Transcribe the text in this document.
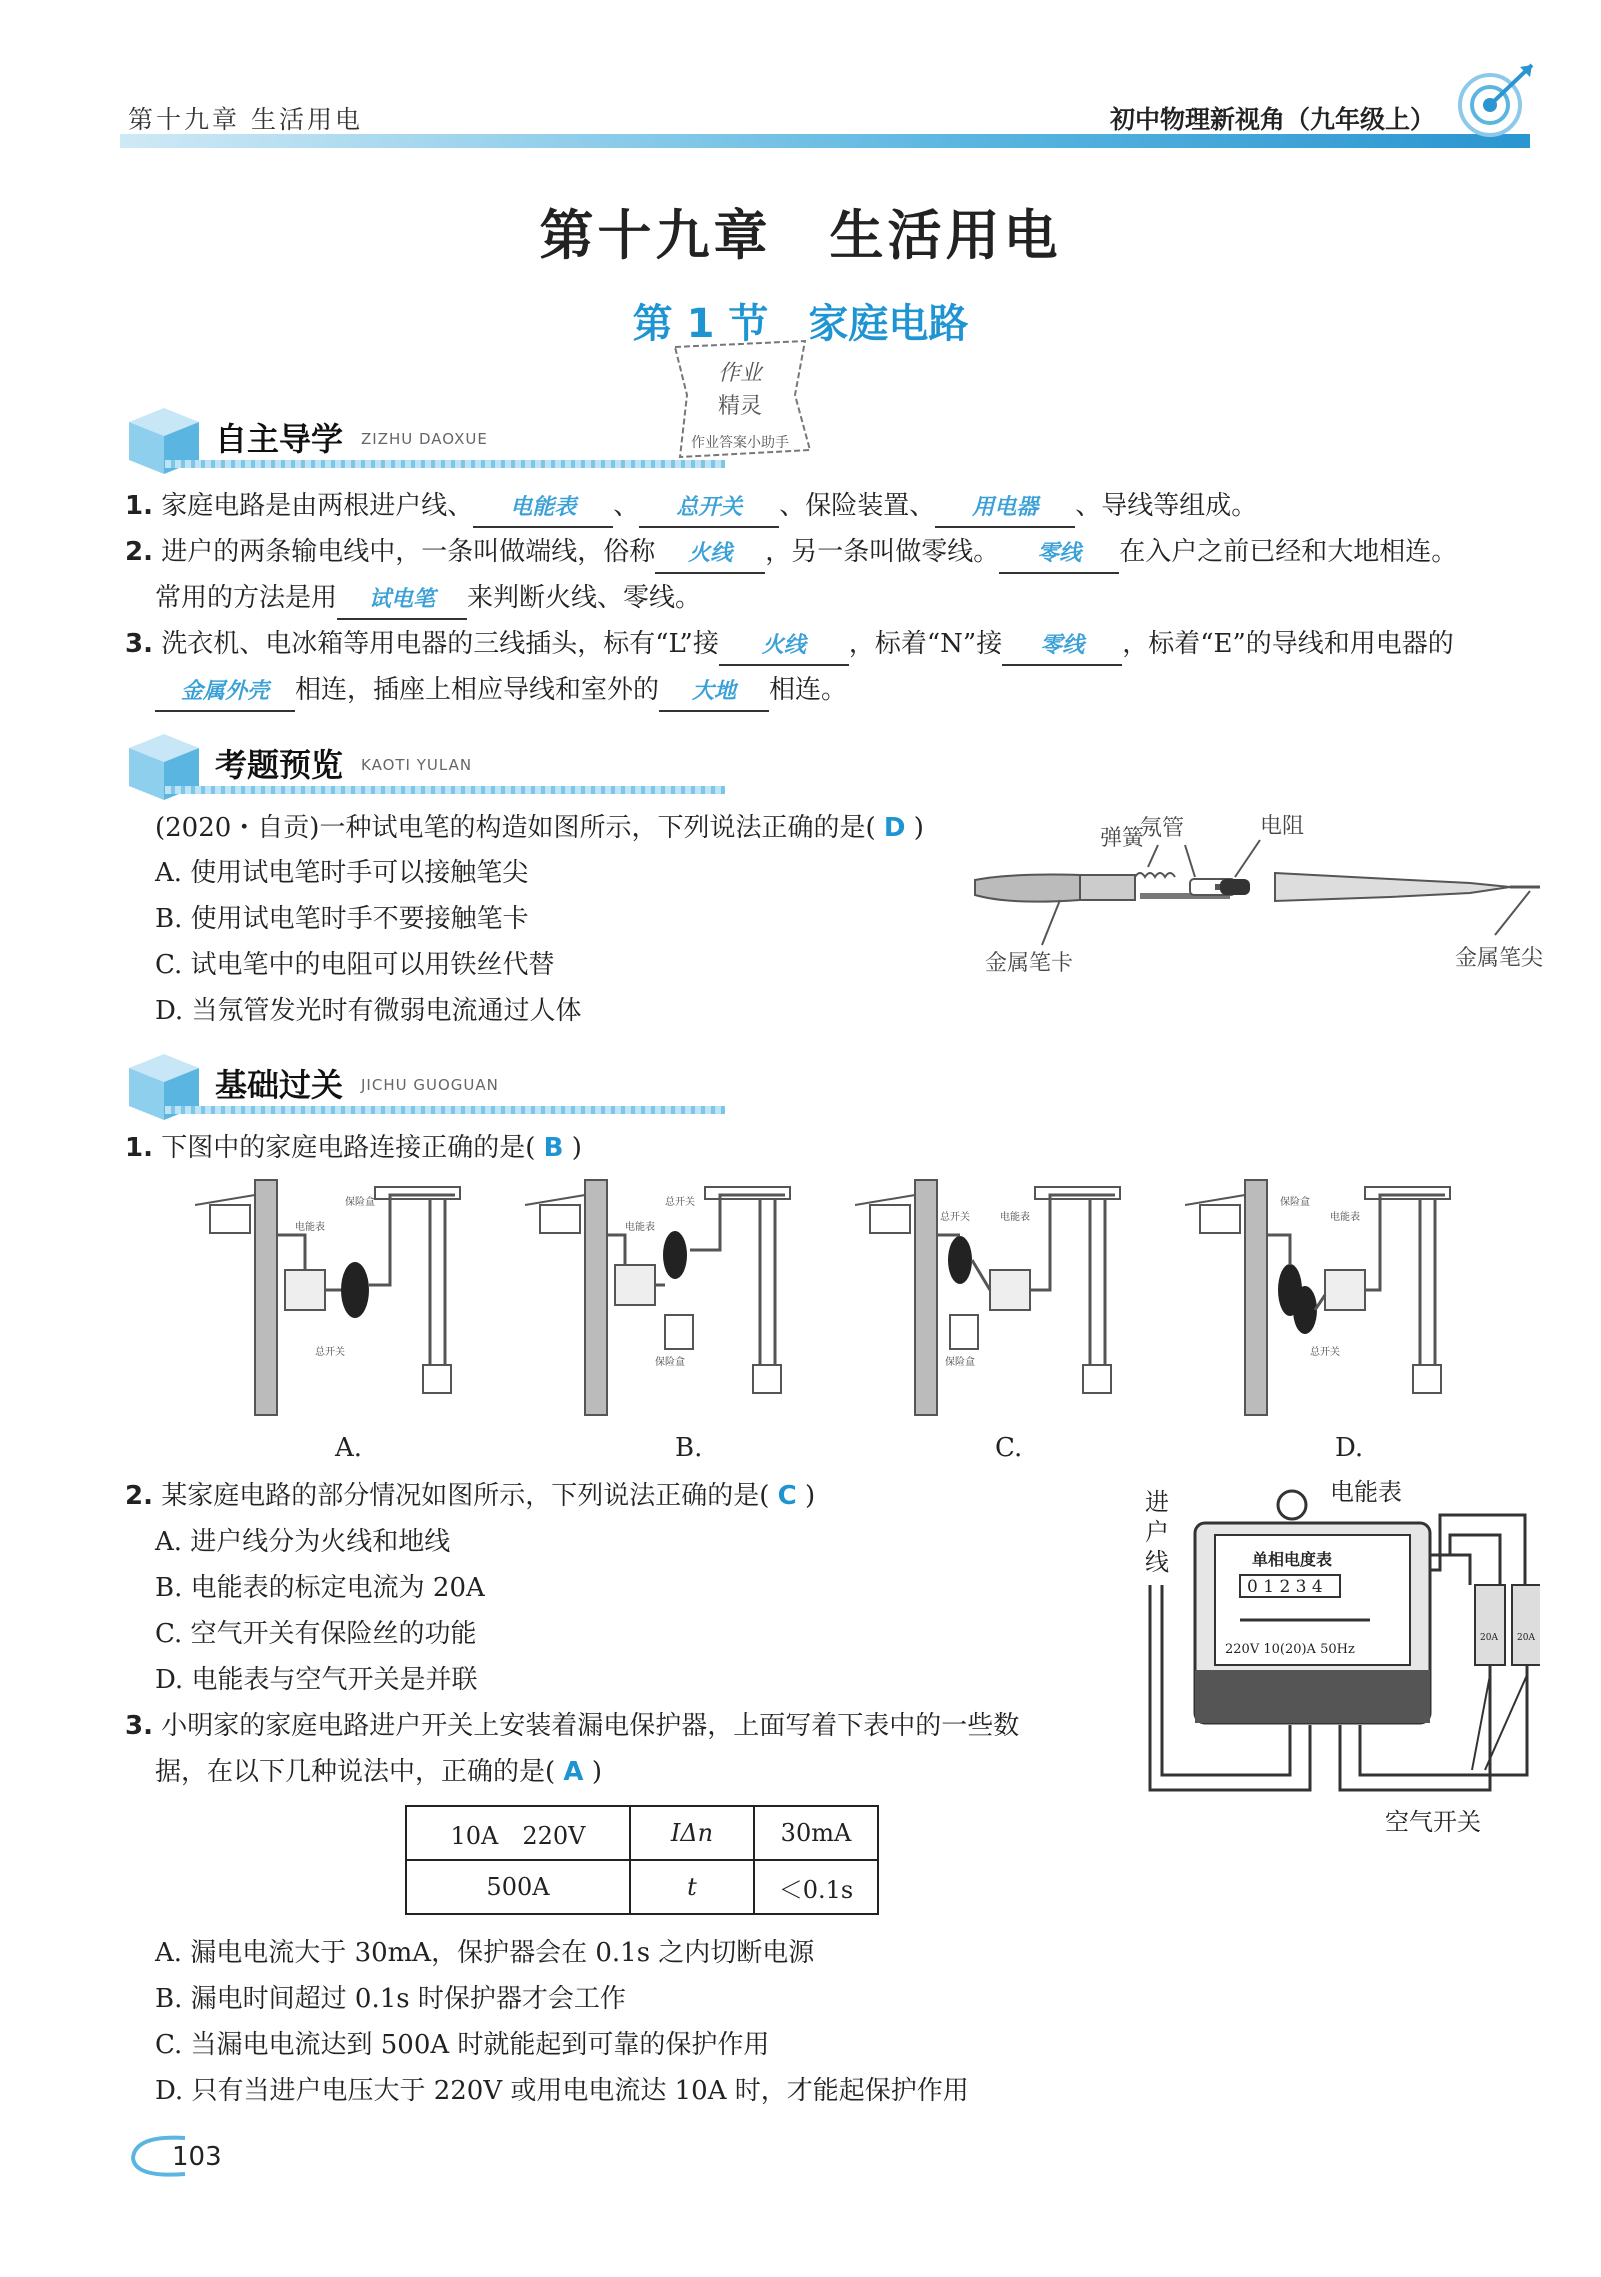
第十九章 生活用电	初中物理新视角（九年级上）
第十九章　生活用电
第 1 节　家庭电路
作业
精灵
作业答案小助手
自主导学 ZIZHU DAOXUE
1. 家庭电路是由两根进户线、 电能表 、 总开关 、保险装置、 用电器 、导线等组成。
2. 进户的两条输电线中，一条叫做端线，俗称 火线 ，另一条叫做零线。 零线 在入户之前已经和大地相连。
常用的方法是用 试电笔 来判断火线、零线。
3. 洗衣机、电冰箱等用电器的三线插头，标有“L”接 火线 ，标着“N”接 零线 ，标着“E”的导线和用电器的
金属外壳 相连，插座上相应导线和室外的 大地 相连。
考题预览 KAOTI YULAN
(2020・自贡)一种试电笔的构造如图所示，下列说法正确的是( D )
A. 使用试电笔时手可以接触笔尖
B. 使用试电笔时手不要接触笔卡
C. 试电笔中的电阻可以用铁丝代替
D. 当氖管发光时有微弱电流通过人体
弹簧
氖管	电阻
金属笔卡	金属笔尖
基础过关 JICHU GUOGUAN
1. 下图中的家庭电路连接正确的是( B )
电能表
保险盒
总开关
电能表
总开关
保险盒
总开关	电能表
保险盒
保险盒
电能表
总开关
A.	B.	C.	D.
2. 某家庭电路的部分情况如图所示，下列说法正确的是( C )
A. 进户线分为火线和地线
B. 电能表的标定电流为 20A
C. 空气开关有保险丝的功能
D. 电能表与空气开关是并联
进
户
线
电能表
单相电度表
0 1 2 3 4
220V 10(20)A 50Hz
20A 20A
空气开关
3. 小明家的家庭电路进户开关上安装着漏电保护器，上面写着下表中的一些数
据，在以下几种说法中，正确的是( A )
10A　220V	IΔn	30mA
500A	t	＜0.1s
A. 漏电电流大于 30mA，保护器会在 0.1s 之内切断电源
B. 漏电时间超过 0.1s 时保护器才会工作
C. 当漏电电流达到 500A 时就能起到可靠的保护作用
D. 只有当进户电压大于 220V 或用电电流达 10A 时，才能起保护作用
103
